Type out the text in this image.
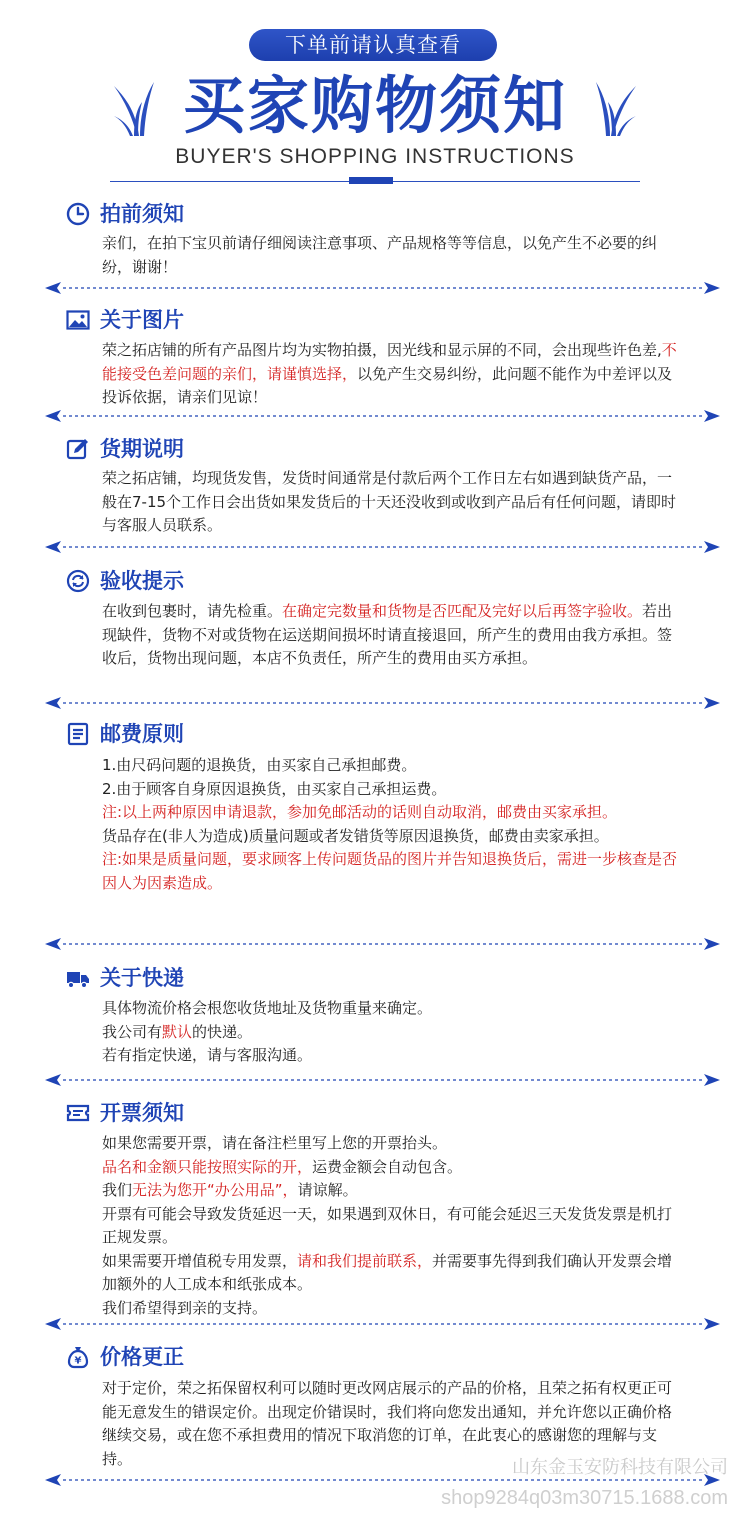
下单前请认真查看
买家购物须知
BUYER'S SHOPPING INSTRUCTIONS
拍前须知

亲们，在拍下宝贝前请仔细阅读注意事项、产品规格等等信息，以免产生不必要的纠纷，谢谢！

关于图片

荣之拓店铺的所有产品图片均为实物拍摄，因光线和显示屏的不同，会出现些许色差,不能接受色差问题的亲们，请谨慎选择，以免产生交易纠纷，此问题不能作为中差评以及投诉依据，请亲们见谅！

货期说明

荣之拓店铺，均现货发售，发货时间通常是付款后两个工作日左右如遇到缺货产品，一般在7-15个工作日会出货如果发货后的十天还没收到或收到产品后有任何问题，请即时与客服人员联系。

验收提示

在收到包裹时，请先检重。在确定完数量和货物是否匹配及完好以后再签字验收。若出现缺件，货物不对或货物在运送期间损坏时请直接退回，所产生的费用由我方承担。签收后，货物出现问题，本店不负责任，所产生的费用由买方承担。

邮费原则

1.由尺码问题的退换货，由买家自己承担邮费。

2.由于顾客自身原因退换货，由买家自己承担运费。

注:以上两种原因申请退款，参加免邮活动的话则自动取消，邮费由买家承担。

货品存在(非人为造成)质量问题或者发错货等原因退换货，邮费由卖家承担。

注:如果是质量问题，要求顾客上传问题货品的图片并告知退换货后，需进一步核查是否因人为因素造成。

关于快递

具体物流价格会根您收货地址及货物重量来确定。

我公司有默认的快递。

若有指定快递，请与客服沟通。

开票须知

如果您需要开票，请在备注栏里写上您的开票抬头。

品名和金额只能按照实际的开，运费金额会自动包含。

我们无法为您开“办公用品”，请谅解。

开票有可能会导致发货延迟一天，如果遇到双休日，有可能会延迟三天发货发票是机打正规发票。

如果需要开增值税专用发票，请和我们提前联系，并需要事先得到我们确认开发票会增加额外的人工成本和纸张成本。

我们希望得到亲的支持。

¥ 价格更正

对于定价，荣之拓保留权利可以随时更改网店展示的产品的价格，且荣之拓有权更正可能无意发生的错误定价。出现定价错误时，我们将向您发出通知，并允许您以正确价格继续交易，或在您不承担费用的情况下取消您的订单，在此衷心的感谢您的理解与支持。	山东金玉安防科技有限公司
shop9284q03m30715.1688.com
